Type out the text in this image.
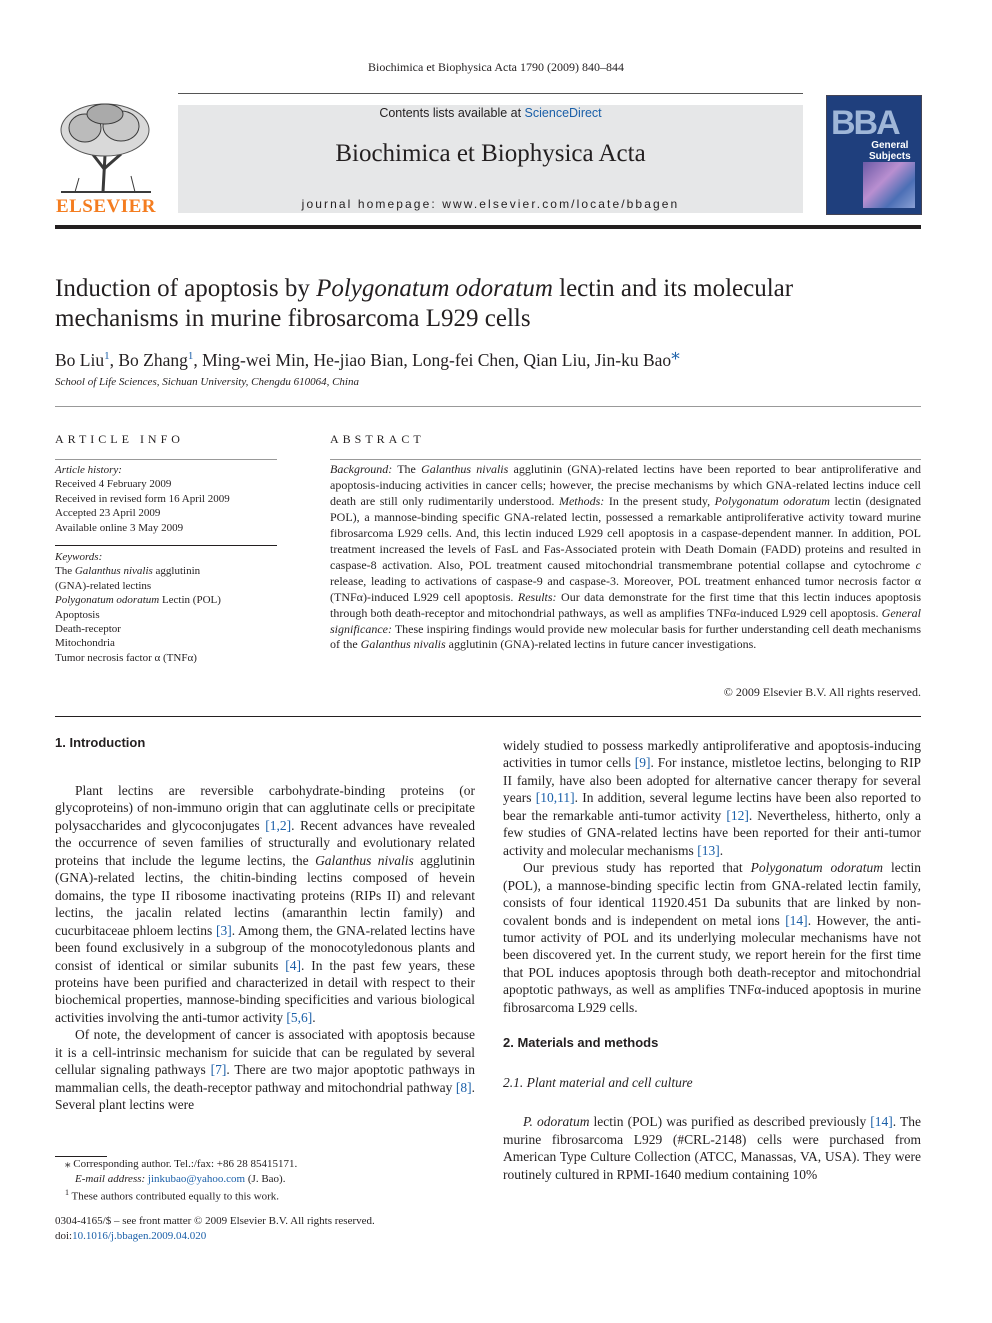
Biochimica et Biophysica Acta 1790 (2009) 840–844
ELSEVIER
Contents lists available at ScienceDirect
Biochimica et Biophysica Acta
journal homepage: www.elsevier.com/locate/bbagen
BBA
General
Subjects
Induction of apoptosis by Polygonatum odoratum lectin and its molecular mechanisms in murine fibrosarcoma L929 cells
Bo Liu$^1$, Bo Zhang$^1$, Ming-wei Min, He-jiao Bian, Long-fei Chen, Qian Liu, Jin-ku Bao⁎
School of Life Sciences, Sichuan University, Chengdu 610064, China
ARTICLE INFO
Article history:
Received 4 February 2009
Received in revised form 16 April 2009
Accepted 23 April 2009
Available online 3 May 2009
Keywords:
The Galanthus nivalis agglutinin
(GNA)-related lectins
Polygonatum odoratum Lectin (POL)
Apoptosis
Death-receptor
Mitochondria
Tumor necrosis factor α (TNFα)
ABSTRACT
Background: The Galanthus nivalis agglutinin (GNA)-related lectins have been reported to bear antiproliferative and apoptosis-inducing activities in cancer cells; however, the precise mechanisms by which GNA-related lectins induce cell death are still only rudimentarily understood. Methods: In the present study, Polygonatum odoratum lectin (designated POL), a mannose-binding specific GNA-related lectin, possessed a remarkable antiproliferative activity toward murine fibrosarcoma L929 cells. And, this lectin induced L929 cell apoptosis in a caspase-dependent manner. In addition, POL treatment increased the levels of FasL and Fas-Associated protein with Death Domain (FADD) proteins and resulted in caspase-8 activation. Also, POL treatment caused mitochondrial transmembrane potential collapse and cytochrome c release, leading to activations of caspase-9 and caspase-3. Moreover, POL treatment enhanced tumor necrosis factor α (TNFα)-induced L929 cell apoptosis. Results: Our data demonstrate for the first time that this lectin induces apoptosis through both death-receptor and mitochondrial pathways, as well as amplifies TNFα-induced L929 cell apoptosis. General significance: These inspiring findings would provide new molecular basis for further understanding cell death mechanisms of the Galanthus nivalis agglutinin (GNA)-related lectins in future cancer investigations.
© 2009 Elsevier B.V. All rights reserved.
1. Introduction

Plant lectins are reversible carbohydrate-binding proteins (or glycoproteins) of non-immuno origin that can agglutinate cells or precipitate polysaccharides and glycoconjugates [1,2]. Recent advances have revealed the occurrence of seven families of structurally and evolutionary related proteins that include the legume lectins, the Galanthus nivalis agglutinin (GNA)-related lectins, the chitin-binding lectins composed of hevein domains, the type II ribosome inactivating proteins (RIPs II) and relevant lectins, the jacalin related lectins (amaranthin lectin family) and cucurbitaceae phloem lectins [3]. Among them, the GNA-related lectins have been found exclusively in a subgroup of the monocotyledonous plants and consist of identical or similar subunits [4]. In the past few years, these proteins have been purified and characterized in detail with respect to their biochemical properties, mannose-binding specificities and various biological activities involving the anti-tumor activity [5,6].

Of note, the development of cancer is associated with apoptosis because it is a cell-intrinsic mechanism for suicide that can be regulated by several cellular signaling pathways [7]. There are two major apoptotic pathways in mammalian cells, the death-receptor pathway and mitochondrial pathway [8]. Several plant lectins were

widely studied to possess markedly antiproliferative and apoptosis-inducing activities in tumor cells [9]. For instance, mistletoe lectins, belonging to RIP II family, have also been adopted for alternative cancer therapy for several years [10,11]. In addition, several legume lectins have been also reported to bear the remarkable anti-tumor activity [12]. Nevertheless, hitherto, only a few studies of GNA-related lectins have been reported for their anti-tumor activity and molecular mechanisms [13].

Our previous study has reported that Polygonatum odoratum lectin (POL), a mannose-binding specific lectin from GNA-related lectin family, consists of four identical 11920.451 Da subunits that are linked by non-covalent bonds and is independent on metal ions [14]. However, the anti-tumor activity of POL and its underlying molecular mechanisms have not been discovered yet. In the current study, we report herein for the first time that POL induces apoptosis through both death-receptor and mitochondrial apoptotic pathways, as well as amplifies TNFα-induced apoptosis in murine fibrosarcoma L929 cells.

2. Materials and methods
2.1. Plant material and cell culture

P. odoratum lectin (POL) was purified as described previously [14]. The murine fibrosarcoma L929 (#CRL-2148) cells were purchased from American Type Culture Collection (ATCC, Manassas, VA, USA). They were routinely cultured in RPMI-1640 medium containing 10%

⁎ Corresponding author. Tel.:/fax: +86 28 85415171.
E-mail address: jinkubao@yahoo.com (J. Bao).
$^1$ These authors contributed equally to this work.
0304-4165/$ – see front matter © 2009 Elsevier B.V. All rights reserved.
doi:10.1016/j.bbagen.2009.04.020
